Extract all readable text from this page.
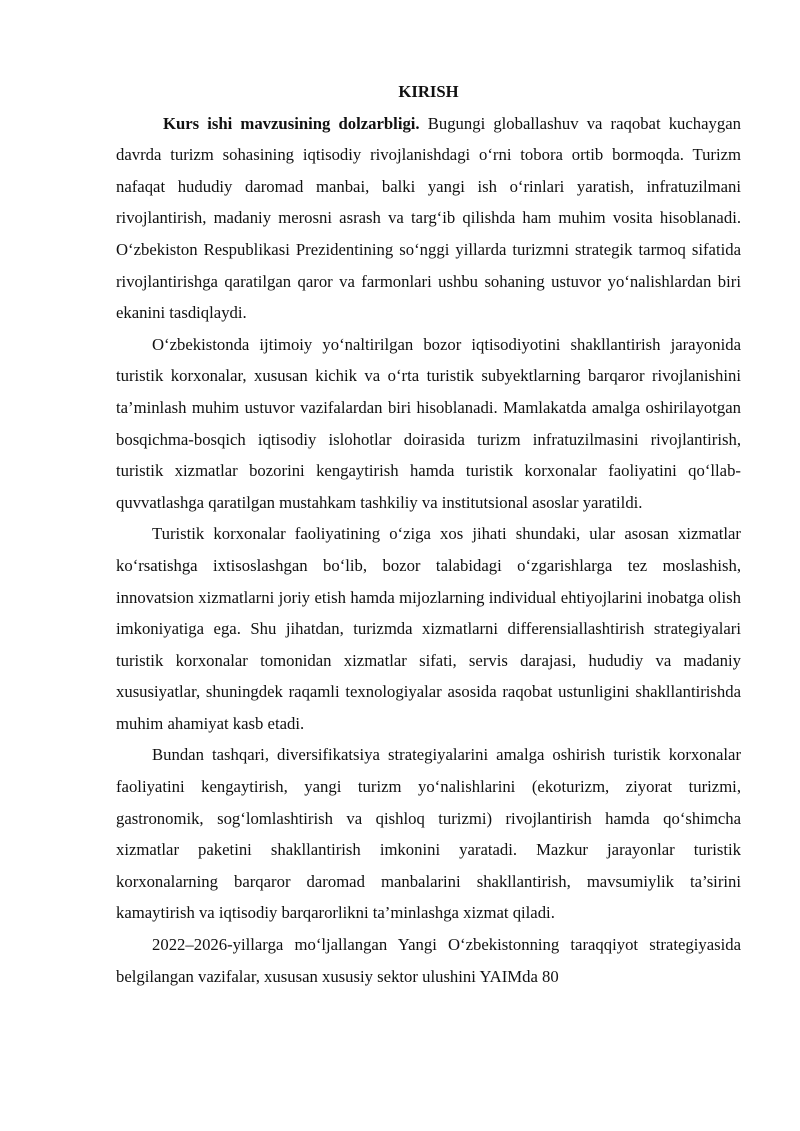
KIRISH

Kurs ishi mavzusining dolzarbligi. Bugungi globallashuv va raqobat kuchaygan davrda turizm sohasining iqtisodiy rivojlanishdagi o‘rni tobora ortib bormoqda. Turizm nafaqat hududiy daromad manbai, balki yangi ish o‘rinlari yaratish, infratuzilmani rivojlantirish, madaniy merosni asrash va targ‘ib qilishda ham muhim vosita hisoblanadi. O‘zbekiston Respublikasi Prezidentining so‘nggi yillarda turizmni strategik tarmoq sifatida rivojlantirishga qaratilgan qaror va farmonlari ushbu sohaning ustuvor yo‘nalishlardan biri ekanini tasdiqlaydi.

O‘zbekistonda ijtimoiy yo‘naltirilgan bozor iqtisodiyotini shakllantirish jarayonida turistik korxonalar, xususan kichik va o‘rta turistik subyektlarning barqaror rivojlanishini ta’minlash muhim ustuvor vazifalardan biri hisoblanadi. Mamlakatda amalga oshirilayotgan bosqichma-bosqich iqtisodiy islohotlar doirasida turizm infratuzilmasini rivojlantirish, turistik xizmatlar bozorini kengaytirish hamda turistik korxonalar faoliyatini qo‘llab-quvvatlashga qaratilgan mustahkam tashkiliy va institutsional asoslar yaratildi.

Turistik korxonalar faoliyatining o‘ziga xos jihati shundaki, ular asosan xizmatlar ko‘rsatishga ixtisoslashgan bo‘lib, bozor talabidagi o‘zgarishlarga tez moslashish, innovatsion xizmatlarni joriy etish hamda mijozlarning individual ehtiyojlarini inobatga olish imkoniyatiga ega. Shu jihatdan, turizmda xizmatlarni differensiallashtirish strategiyalari turistik korxonalar tomonidan xizmatlar sifati, servis darajasi, hududiy va madaniy xususiyatlar, shuningdek raqamli texnologiyalar asosida raqobat ustunligini shakllantirishda muhim ahamiyat kasb etadi.

Bundan tashqari, diversifikatsiya strategiyalarini amalga oshirish turistik korxonalar faoliyatini kengaytirish, yangi turizm yo‘nalishlarini (ekoturizm, ziyorat turizmi, gastronomik, sog‘lomlashtirish va qishloq turizmi) rivojlantirish hamda qo‘shimcha xizmatlar paketini shakllantirish imkonini yaratadi. Mazkur jarayonlar turistik korxonalarning barqaror daromad manbalarini shakllantirish, mavsumiylik ta’sirini kamaytirish va iqtisodiy barqarorlikni ta’minlashga xizmat qiladi.

2022–2026-yillarga mo‘ljallangan Yangi O‘zbekistonning taraqqiyot strategiyasida belgilangan vazifalar, xususan xususiy sektor ulushini YAIMda 80
